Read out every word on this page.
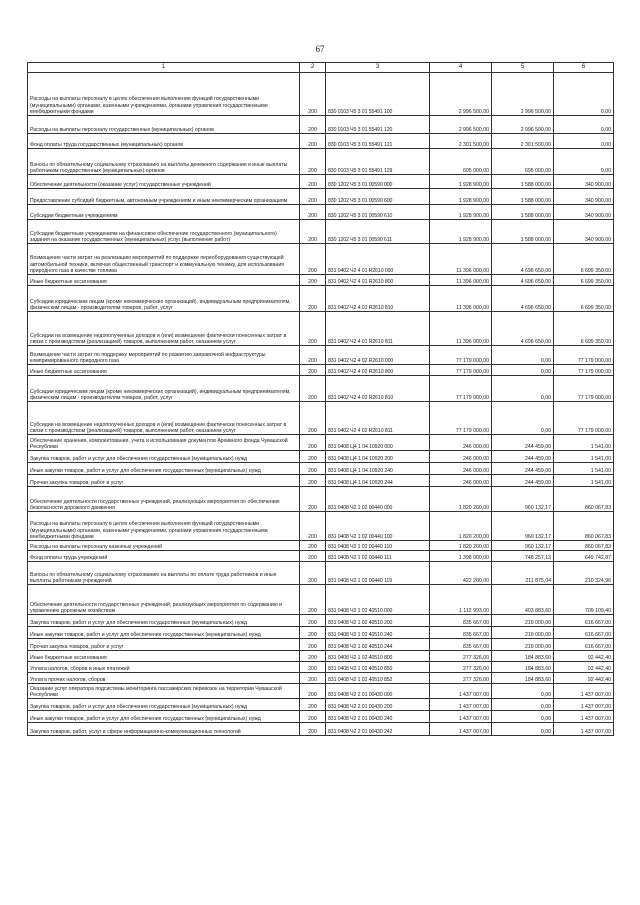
67
1	2	3	4	5	6
Расходы на выплаты персоналу в целях обеспечения выполнения функций государственными (муниципальными) органами, казенными учреждениями, органами управления государственными внебюджетными фондами	200	830 0103 Ч5 3 01 55491 100	2 996 500,00	2 996 500,00	0,00
Расходы на выплаты персоналу государственных (муниципальных) органов	200	830 0103 Ч5 3 01 55491 120	2 996 500,00	2 996 500,00	0,00
Фонд оплаты труда государственных (муниципальных) органов	200	830 0103 Ч5 3 01 55491 121	2 301 500,00	2 301 500,00	0,00
Взносы по обязательному социальному страхованию на выплаты денежного содержания и иные выплаты работникам государственных (муниципальных) органов	200	830 0103 Ч5 3 01 55491 129	695 000,00	695 000,00	0,00
Обеспечение деятельности (оказание услуг) государственных учреждений	200	830 1202 Ч5 3 01 00590 000	1 928 900,00	1 588 000,00	340 900,00
Предоставление субсидий бюджетным, автономным учреждениям и иным некоммерческим организациям	200	830 1202 Ч5 3 01 00590 600	1 928 900,00	1 588 000,00	340 900,00
Субсидии бюджетным учреждениям	200	830 1202 Ч5 3 01 00590 610	1 928 900,00	1 588 000,00	340 900,00
Субсидии бюджетным учреждениям на финансовое обеспечение государственного (муниципального) задания на оказание государственных (муниципальных) услуг (выполнение работ)	200	830 1202 Ч5 3 01 00590 611	1 928 900,00	1 588 000,00	340 900,00
Возмещение части затрат на реализацию мероприятий по поддержке переоборудования существующей автомобильной техники, включая общественный транспорт и коммунальную технику, для использования природного газа в качестве топлива	200	831 0402 Ч2 4 01 R2610 000	11 396 000,00	4 696 650,00	6 699 350,00
Иные бюджетные ассигнования	200	831 0402 Ч2 4 01 R2610 800	11 396 000,00	4 696 650,00	6 699 350,00
Субсидии юридическим лицам (кроме некоммерческих организаций), индивидуальным предпринимателям, физическим лицам - производителям товаров, работ, услуг	200	831 0402 Ч2 4 01 R2610 810	11 396 000,00	4 696 650,00	6 699 350,00
Субсидии на возмещение недополученных доходов и (или) возмещение фактически понесенных затрат в связи с производством (реализацией) товаров, выполнением работ, оказанием услуг	200	831 0402 Ч2 4 01 R2610 811	11 396 000,00	4 696 650,00	6 699 350,00
Возмещение части затрат по поддержку мероприятий по развитию заправочной инфраструктуры компримированного природного газа	200	831 0402 Ч2 4 02 R2610 000	77 179 000,00	0,00	77 179 000,00
Иные бюджетные ассигнования	200	831 0402 Ч2 4 02 R2610 800	77 179 000,00	0,00	77 179 000,00
Субсидии юридическим лицам (кроме некоммерческих организаций), индивидуальным предпринимателям, физическим лицам - производителям товаров, работ, услуг	200	831 0402 Ч2 4 02 R2610 810	77 179 000,00	0,00	77 179 000,00
Субсидии на возмещение недополученных доходов и (или) возмещение фактически понесенных затрат в связи с производством (реализацией) товаров, выполнением работ, оказанием услуг	200	831 0402 Ч2 4 02 R2610 811	77 179 000,00	0,00	77 179 000,00
Обеспечение хранения, комплектования, учета и использования документов Архивного фонда Чувашской Республики	200	831 0408 Ц4 1 04 10920 000	246 000,00	244 459,00	1 541,00
Закупка товаров, работ и услуг для обеспечения государственных (муниципальных) нужд	200	831 0408 Ц4 1 04 10920 200	246 000,00	244 459,00	1 541,00
Иные закупки товаров, работ и услуг для обеспечения государственных (муниципальных) нужд	200	831 0408 Ц4 1 04 10920 240	246 000,00	244 459,00	1 541,00
Прочая закупка товаров, работ и услуг	200	831 0408 Ц4 1 04 10920 244	246 000,00	244 459,00	1 541,00
Обеспечение деятельности государственных учреждений, реализующих мероприятия по обеспечению безопасности дорожного движения	200	831 0408 Ч2 1 02 00440 000	1 820 200,00	960 132,17	860 067,83
Расходы на выплаты персоналу в целях обеспечения выполнения функций государственными (муниципальными) органами, казенными учреждениями, органами управления государственными внебюджетными фондами	200	831 0408 Ч2 1 02 00440 100	1 820 200,00	960 132,17	860 067,83
Расходы на выплаты персоналу казенных учреждений	200	831 0408 Ч2 1 02 00440 110	1 820 200,00	960 132,17	860 067,83
Фонд оплаты труда учреждений	200	831 0408 Ч2 1 02 00440 111	1 398 000,00	748 257,13	649 742,87
Взносы по обязательному социальному страхованию на выплаты по оплате труда работников и иные выплаты работникам учреждений	200	831 0408 Ч2 1 02 00440 119	422 200,00	211 875,04	210 324,96
Обеспечение деятельности государственных учреждений, реализующих мероприятия по содержанию и управлению дорожным хозяйством	200	831 0408 Ч2 1 02 40510 000	1 112 993,00	403 883,60	709 109,40
Закупка товаров, работ и услуг для обеспечения государственных (муниципальных) нужд	200	831 0408 Ч2 1 02 40510 200	835 667,00	219 000,00	616 667,00
Иные закупки товаров, работ и услуг для обеспечения государственных (муниципальных) нужд	200	831 0408 Ч2 1 02 40510 240	835 667,00	219 000,00	616 667,00
Прочая закупка товаров, работ и услуг	200	831 0408 Ч2 1 02 40510 244	835 667,00	219 000,00	616 667,00
Иные бюджетные ассигнования	200	831 0408 Ч2 1 02 40510 800	277 326,00	184 883,60	92 442,40
Уплата налогов, сборов и иных платежей	200	831 0408 Ч2 1 02 40510 850	277 326,00	184 883,60	92 442,40
Уплата прочих налогов, сборов	200	831 0408 Ч2 1 02 40510 852	277 326,00	184 883,60	92 442,40
Оказание услуг оператора подсистемы мониторинга пассажирских перевозок на территории Чувашской Республики	200	831 0408 Ч2 2 01 00430 000	1 437 007,00	0,00	1 437 007,00
Закупка товаров, работ и услуг для обеспечения государственных (муниципальных) нужд	200	831 0408 Ч2 2 01 00430 200	1 437 007,00	0,00	1 437 007,00
Иные закупки товаров, работ и услуг для обеспечения государственных (муниципальных) нужд	200	831 0408 Ч2 2 01 00430 240	1 437 007,00	0,00	1 437 007,00
Закупка товаров, работ, услуг в сфере информационно-коммуникационных технологий	200	831 0408 Ч2 2 01 00430 242	1 437 007,00	0,00	1 437 007,00
